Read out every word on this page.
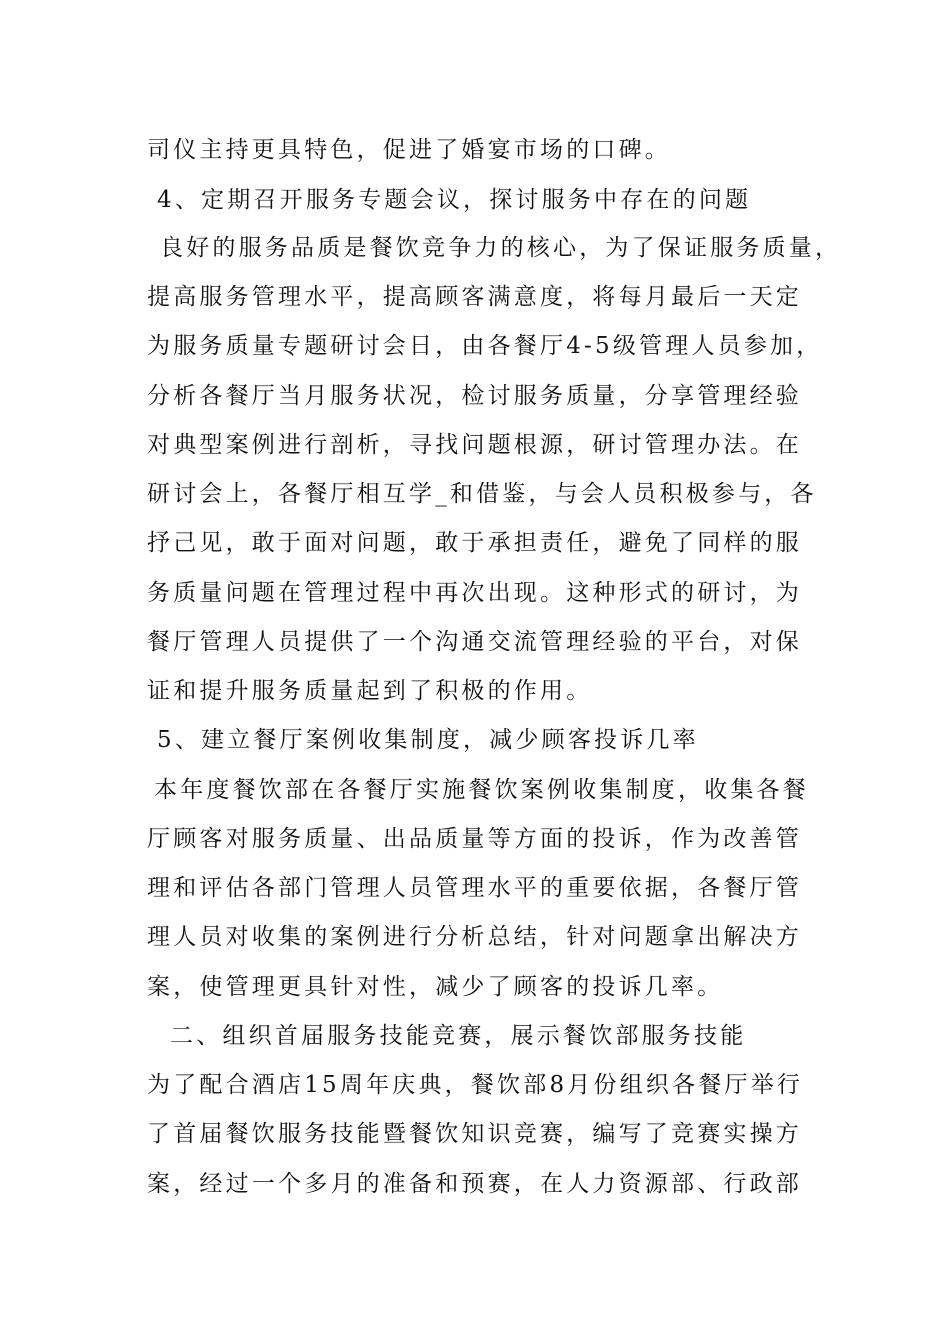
司仪主持更具特色，促进了婚宴市场的口碑。
4、定期召开服务专题会议，探讨服务中存在的问题
良好的服务品质是餐饮竞争力的核心，为了保证服务质量，
提高服务管理水平，提高顾客满意度，将每月最后一天定
为服务质量专题研讨会日，由各餐厅4-5级管理人员参加，
分析各餐厅当月服务状况，检讨服务质量，分享管理经验
对典型案例进行剖析，寻找问题根源，研讨管理办法。在
研讨会上，各餐厅相互学_和借鉴，与会人员积极参与，各
抒己见，敢于面对问题，敢于承担责任，避免了同样的服
务质量问题在管理过程中再次出现。这种形式的研讨，为
餐厅管理人员提供了一个沟通交流管理经验的平台，对保
证和提升服务质量起到了积极的作用。
5、建立餐厅案例收集制度，减少顾客投诉几率
本年度餐饮部在各餐厅实施餐饮案例收集制度，收集各餐
厅顾客对服务质量、出品质量等方面的投诉，作为改善管
理和评估各部门管理人员管理水平的重要依据，各餐厅管
理人员对收集的案例进行分析总结，针对问题拿出解决方
案，使管理更具针对性，减少了顾客的投诉几率。
二、组织首届服务技能竞赛，展示餐饮部服务技能
为了配合酒店15周年庆典，餐饮部8月份组织各餐厅举行
了首届餐饮服务技能暨餐饮知识竞赛，编写了竞赛实操方
案，经过一个多月的准备和预赛，在人力资源部、行政部
